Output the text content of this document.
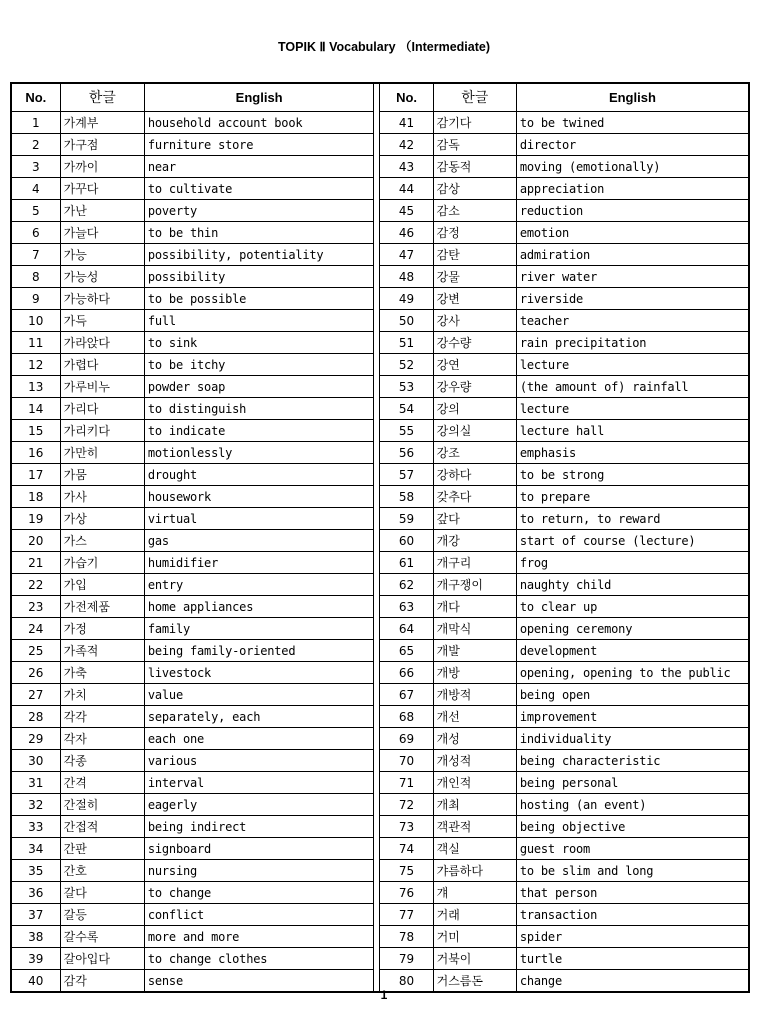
TOPIK Ⅱ Vocabulary （Intermediate)
No.	한글	English		No.	한글	English
1	가계부	household account book		41	감기다	to be twined
2	가구점	furniture store		42	감독	director
3	가까이	near		43	감동적	moving (emotionally)
4	가꾸다	to cultivate		44	감상	appreciation
5	가난	poverty		45	감소	reduction
6	가늘다	to be thin		46	감정	emotion
7	가능	possibility, potentiality		47	감탄	admiration
8	가능성	possibility		48	강물	river water
9	가능하다	to be possible		49	강변	riverside
10	가득	full		50	강사	teacher
11	가라앉다	to sink		51	강수량	rain precipitation
12	가렵다	to be itchy		52	강연	lecture
13	가루비누	powder soap		53	강우량	(the amount of) rainfall
14	가리다	to distinguish		54	강의	lecture
15	가리키다	to indicate		55	강의실	lecture hall
16	가만히	motionlessly		56	강조	emphasis
17	가뭄	drought		57	강하다	to be strong
18	가사	housework		58	갖추다	to prepare
19	가상	virtual		59	갚다	to return, to reward
20	가스	gas		60	개강	start of course (lecture)
21	가습기	humidifier		61	개구리	frog
22	가입	entry		62	개구쟁이	naughty child
23	가전제품	home appliances		63	개다	to clear up
24	가정	family		64	개막식	opening ceremony
25	가족적	being family-oriented		65	개발	development
26	가축	livestock		66	개방	opening, opening to the public
27	가치	value		67	개방적	being open
28	각각	separately, each		68	개선	improvement
29	각자	each one		69	개성	individuality
30	각종	various		70	개성적	being characteristic
31	간격	interval		71	개인적	being personal
32	간절히	eagerly		72	개최	hosting (an event)
33	간접적	being indirect		73	객관적	being objective
34	간판	signboard		74	객실	guest room
35	간호	nursing		75	갸름하다	to be slim and long
36	갈다	to change		76	걔	that person
37	갈등	conflict		77	거래	transaction
38	갈수록	more and more		78	거미	spider
39	갈아입다	to change clothes		79	거북이	turtle
40	감각	sense		80	거스름돈	change
1
